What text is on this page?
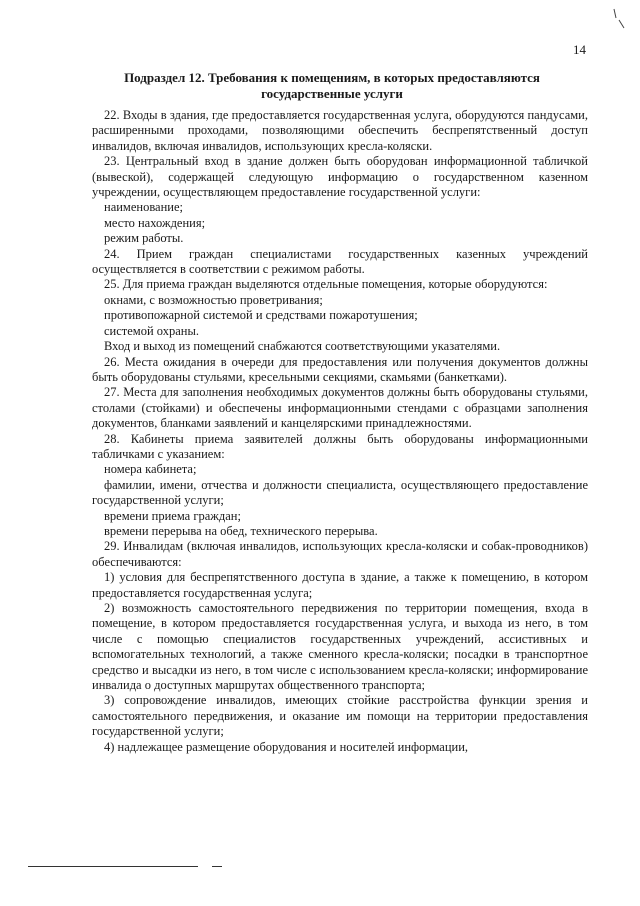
14
Подраздел 12. Требования к помещениям, в которых предоставляются государственные услуги

22. Входы в здания, где предоставляется государственная услуга, оборудуются пандусами, расширенными проходами, позволяющими обеспечить беспрепятственный доступ инвалидов, включая инвалидов, использующих кресла-коляски.

23. Центральный вход в здание должен быть оборудован информационной табличкой (вывеской), содержащей следующую информацию о государственном казенном учреждении, осуществляющем предоставление государственной услуги:

наименование;

место нахождения;

режим работы.

24. Прием граждан специалистами государственных казенных учреждений осуществляется в соответствии с режимом работы.

25. Для приема граждан выделяются отдельные помещения, которые оборудуются:

окнами, с возможностью проветривания;

противопожарной системой и средствами пожаротушения;

системой охраны.

Вход и выход из помещений снабжаются соответствующими указателями.

26. Места ожидания в очереди для предоставления или получения документов должны быть оборудованы стульями, кресельными секциями, скамьями (банкетками).

27. Места для заполнения необходимых документов должны быть оборудованы стульями, столами (стойками) и обеспечены информационными стендами с образцами заполнения документов, бланками заявлений и канцелярскими принадлежностями.

28. Кабинеты приема заявителей должны быть оборудованы информационными табличками с указанием:

номера кабинета;

фамилии, имени, отчества и должности специалиста, осуществляющего предоставление государственной услуги;

времени приема граждан;

времени перерыва на обед, технического перерыва.

29. Инвалидам (включая инвалидов, использующих кресла-коляски и собак-проводников) обеспечиваются:

1) условия для беспрепятственного доступа в здание, а также к помещению, в котором предоставляется государственная услуга;

2) возможность самостоятельного передвижения по территории помещения, входа в помещение, в котором предоставляется государственная услуга, и выхода из него, в том числе с помощью специалистов государственных учреждений, ассистивных и вспомогательных технологий, а также сменного кресла-коляски; посадки в транспортное средство и высадки из него, в том числе с использованием кресла-коляски; информирование инвалида о доступных маршрутах общественного транспорта;

3) сопровождение инвалидов, имеющих стойкие расстройства функции зрения и самостоятельного передвижения, и оказание им помощи на территории предоставления государственной услуги;

4) надлежащее размещение оборудования и носителей информации,
